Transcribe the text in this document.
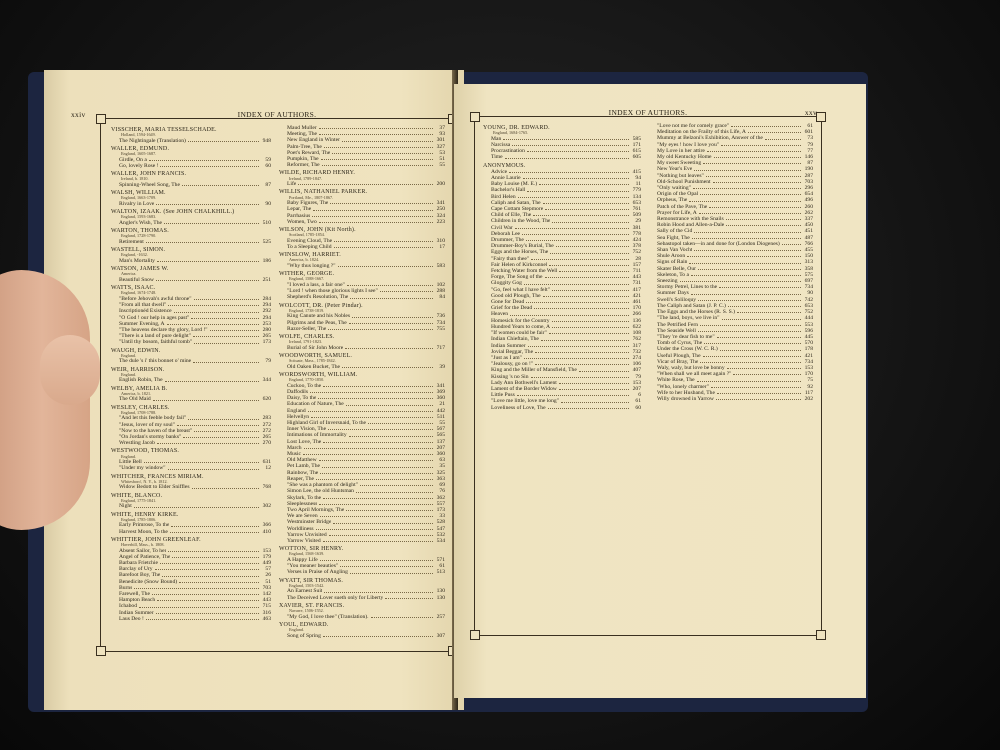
xxiv	INDEX OF AUTHORS.
VISSCHER, MARIA TESSELSCHADE.
Holland, 1594-1649.
The Nightingale (Translation)	948
WALLER, EDMUND.
England, 1605-1687.
Girdle, On a	59
Go, lovely Rose !	60
WALLER, JOHN FRANCIS.
Ireland, b. 1810.
Spinning-Wheel Song, The	87
WALSH, WILLIAM.
England, 1663-1709.
Rivalry in Love	90
WALTON, IZAAK. (See JOHN CHALKHILL.)
England, 1593-1683.
Angler's Wish, The	510
WARTON, THOMAS.
England, 1728-1790.
Retirement	525
WASTELL, SIMON.
England, -1632.
Man's Mortality	186
WATSON, JAMES W.
America.
Beautiful Snow	251
WATTS, ISAAC.
England, 1674-1748.
"Before Jehovah's awful throne"	284
"From all that dwell"	294
Inscriptionéd Existence	292
"O God ! our help in ages past"	294
Summer Evening, A	253
"The heavens declare thy glory, Lord !"	280
"There is a land of pure delight"	265
"Until thy bosom, faithful tomb"	173
WAUGH, EDWIN.
England.
The dule 's i' this bonnet o' mine	79
WEIR, HARRISON.
England.
English Robin, The	344
WELBY, AMELIA B.
America, b. 1821.
The Old Maid	620
WESLEY, CHARLES.
England, 1708-1788.
"And let this feeble body fail"	283
"Jesus, lover of my soul"	272
"Now to the haven of the breast"	272
"On Jordan's stormy banks"	265
Wrestling Jacob	270
WESTWOOD, THOMAS.
England.
Little Bell	631
"Under my window"	12
WHITCHER, FRANCES MIRIAM.
Whitesboro', N. Y., b. 1812.
Widow Bedott to Elder Sniffles	768
WHITE, BLANCO.
England, 1775-1841.
Night	302
WHITE, HENRY KIRKE.
England, 1785-1806.
Early Primrose, To the	366
Harvest Moon, To the	410
WHITTIER, JOHN GREENLEAF.
Haverhill, Mass., b. 1808.
Absent Sailor, To her	153
Angel of Patience, The	179
Barbara Frietchie	449
Barclay of Ury	57
Barefoot Boy, The	26
Benedicite (Snow Bound)	51
Burns	703
Farewell, The	142
Hampton Beach	443
Ichabod	715
Indian Summer	316
Laus Deo !	463
Maud Muller	37
Meeting, The	93
New England in Winter	301
Palm-Tree, The	327
Poet's Reward, The	53
Pumpkin, The	51
Reformer, The	55
WILDE, RICHARD HENRY.
Ireland, 1789-1847.
Life	200
WILLIS, NATHANIEL PARKER.
Portland, Me., 1807-1867.
Baby Figures, The	341
Lepar, The	250
Parrhasius	324
Women, Two	223
WILSON, JOHN (Kit North).
Scotland, 1785-1854.
Evening Cloud, The	310
To a Sleeping Child	17
WINSLOW, HARRIET.
America, b. 1824.
"Why thus longing ?"	583
WITHER, GEORGE.
England, 1588-1667.
"I loved a lass, a fair one"	102
"Lord ! when those glorious lights I see"	288
Shepherd's Resolution, The	84
WOLCOTT, DR. (Peter Pindar).
England, 1738-1819.
King Canute and his Nobles	736
Pilgrims and the Peas, The	734
Razor-Seller, The	755
WOLFE, CHARLES.
Ireland, 1791-1823.
Burial of Sir John Moore	717
WOODWORTH, SAMUEL.
Scituate, Mass., 1785-1842.
Old Oaken Bucket, The	39
WORDSWORTH, WILLIAM.
England, 1770-1850.
Cuckoo, To the	341
Daffodils	369
Daisy, To the	360
Education of Nature, The	21
England	442
Helvellyn	511
Highland Girl of Inversnaid, To the	55
Inner Vision, The	567
Intimations of Immortality	565
Lost Love, The	137
March	207
Music	360
Old Matthew	63
Pet Lamb, The	35
Rainbow, The	325
Reaper, The	363
"She was a phantom of delight"	69
Simon Lee, the old Huntsman	76
Skylark, To the	362
Sleeplessness	557
Two April Mornings, The	173
We are Seven	33
Westminster Bridge	528
Worldliness	547
Yarrow Unvisited	532
Yarrow Visited	534
WOTTON, SIR HENRY.
England, 1568-1639.
A Happy Life	571
"You meaner beauties"	61
Verses in Praise of Angling	513
WYATT, SIR THOMAS.
England, 1503-1542.
An Earnest Suit	130
The Deceived Lover sueth only for Liberty	130
XAVIER, ST. FRANCIS.
Navarre, 1506-1552.
"My God, I love thee" (Translation).	257
YOUL, EDWARD.
England.
Song of Spring	307
INDEX OF AUTHORS.	xxv
YOUNG, DR. EDWARD.
England, 1684-1765.
Man	585
Narcissa	171
Procrastination	615
Time	605
ANONYMOUS.
Advice	415
Annie Laurie	94
Baby Louise (M. E.)	11
Bachelor's Hall	779
Bird Helen	134
Caliph and Satan, The	653
Cape Cottam Stepmore	761
Child of Elle, The	509
Children in the Wood, The	29
Civil War	381
Deborah Lee	778
Drummer, The	424
Drummer-Boy's Burial, The	378
Eggs and the Horses, The	752
"Fairy than thee"	28
Fair Helen of Kirkconnel	157
Fetching Water from the Well	711
Forge, The Song of the	443
Gloggity Gog	731
"Go, feel what I have felt"	417
Good old Plough, The	421
Gone for Dead	461
Grief for the Dead	170
Heaven	266
Homesick for the Country	136
Hundred Years to come, A	622
"If women could be fair"	108
Indian Chieftain, The	762
Indian Summer	317
Jovial Beggar, The	732
"Just as I am"	274
"Jealousy, go on !"	106
King and the Miller of Mansfield, The	407
Kissing 's no Sin	79
Lady Ann Bothwell's Lament	153
Lament of the Border Widow	207
Little Puss	6
"Love me little, love me long"	61
Loveliness of Love, The	60
"Love not me for comely grace"	61
Meditation on the Frailty of this Life, A	601
Mummy at Belzoni's Exhibition, Answer of the	73
"My eyes ! how I love you"	79
My Love in her attire	77
My old Kentucky Home	146
My sweet Sweeting	87
New Year's Eve	190
"Nothing but leaves"	287
Old-School Punishment	703
"Only waiting"	296
Origin of the Opal	654
Orpheus, The	496
Patch of the Pave, The	260
Prayer for Life, A	262
Remonstrance with the Snails	337
Robin Hood and Allen-a-Dale	450
Sally of the Cid	451
Sea Fight, The	487
Sebastopol taken—in and done for (London Diogenes)	766
Shan Van Vocht	455
Shule Aroon	150
Signs of Rain	313
Skater Belle, Our	358
Skeleton, To a	575
Sneezing	697
Stormy Petrel, Lines to the	734
Summer Days	90
Swell's Soliloquy	742
The Caliph and Satan (J. P. C.)	653
The Eggs and the Horses (R. S. S.)	752
"The land, boys, we live in"	444
The Petrified Fern	553
The Seaside Well	596
"They 're dear fish to me"	445
Tomb of Cyrus, The	570
Under the Cross (W. C. R.)	178
Useful Plough, The	421
Vicar of Bray, The	734
Waly, waly, but love be bonny	153
"When shall we all meet again ?"	170
White Rose, The	75
"Who, lonely charmer"	92
Wife to her Husband, The	117
Willy drowned in Yarrow	202
